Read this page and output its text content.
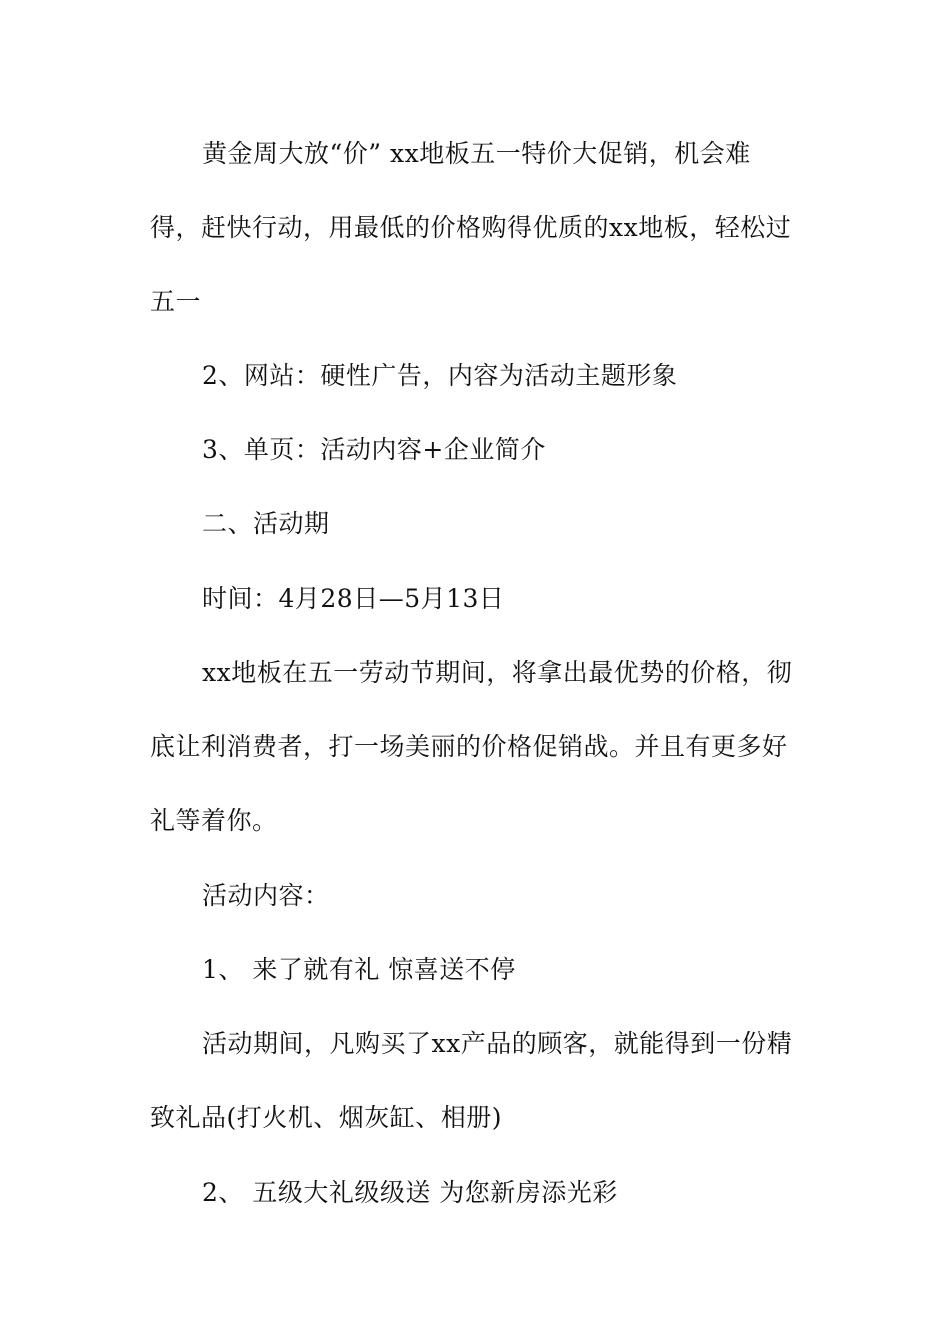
黄金周大放“价” xx地板五一特价大促销，机会难
得，赶快行动，用最低的价格购得优质的xx地板，轻松过
五一
2、网站：硬性广告，内容为活动主题形象
3、单页：活动内容+企业简介
二、活动期
时间：4月28日—5月13日
xx地板在五一劳动节期间，将拿出最优势的价格，彻
底让利消费者，打一场美丽的价格促销战。并且有更多好
礼等着你。
活动内容：
1、 来了就有礼 惊喜送不停
活动期间，凡购买了xx产品的顾客，就能得到一份精
致礼品(打火机、烟灰缸、相册)
2、 五级大礼级级送 为您新房添光彩
